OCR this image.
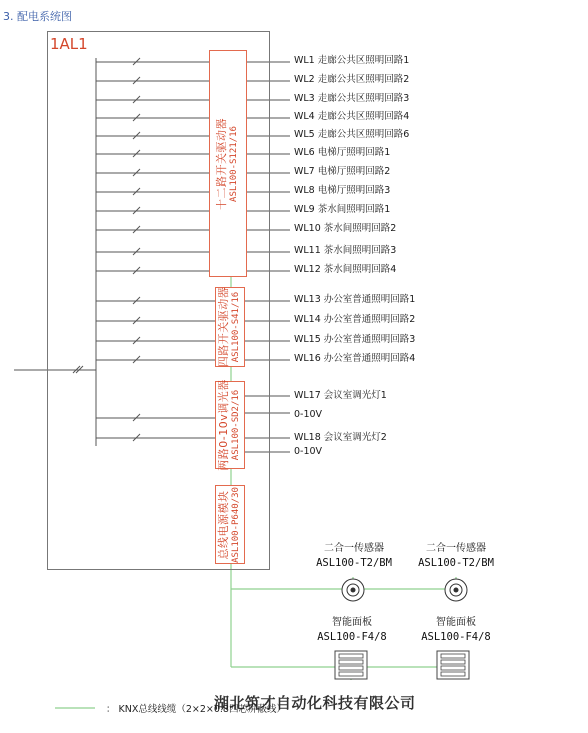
3. 配电系统图
1AL1
十二路开关驱动器 ASL100-S121/16
四路开关驱动器 ASL100-S41/16
两路0-10v调光器 ASL100-SD2/16
总线电源模块 ASL100-P640/30
WL1 走廊公共区照明回路1
WL2 走廊公共区照明回路2
WL3 走廊公共区照明回路3
WL4 走廊公共区照明回路4
WL5 走廊公共区照明回路6
WL6 电梯厅照明回路1
WL7 电梯厅照明回路2
WL8 电梯厅照明回路3
WL9 茶水间照明回路1
WL10 茶水间照明回路2
WL11 茶水间照明回路3
WL12 茶水间照明回路4
WL13 办公室普通照明回路1
WL14 办公室普通照明回路2
WL15 办公室普通照明回路3
WL16 办公室普通照明回路4
WL17 会议室调光灯1
0-10V
WL18 会议室调光灯2
0-10V
二合一传感器
ASL100-T2/BM
二合一传感器
ASL100-T2/BM
智能面板
ASL100-F4/8
智能面板
ASL100-F4/8
： KNX总线线缆（2×2×0.8四芯屏蔽线）
湖北筑才自动化科技有限公司
